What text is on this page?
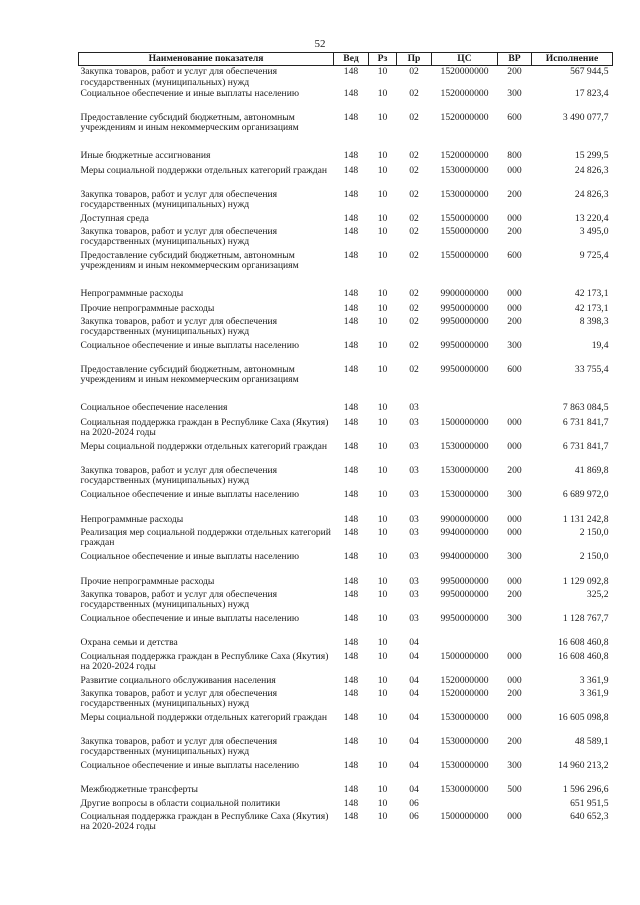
52
Наименование показателя	Вед	Рз	Пр	ЦС	ВР	Исполнение
Закупка товаров, работ и услуг для обеспечения государственных (муниципальных) нужд	148	10	02	1520000000	200	567 944,5
Социальное обеспечение и иные выплаты населению	148	10	02	1520000000	300	17 823,4
Предоставление субсидий бюджетным, автономным учреждениям и иным некоммерческим организациям	148	10	02	1520000000	600	3 490 077,7
Иные бюджетные ассигнования	148	10	02	1520000000	800	15 299,5
Меры социальной поддержки отдельных категорий граждан	148	10	02	1530000000	000	24 826,3
Закупка товаров, работ и услуг для обеспечения государственных (муниципальных) нужд	148	10	02	1530000000	200	24 826,3
Доступная среда	148	10	02	1550000000	000	13 220,4
Закупка товаров, работ и услуг для обеспечения государственных (муниципальных) нужд	148	10	02	1550000000	200	3 495,0
Предоставление субсидий бюджетным, автономным учреждениям и иным некоммерческим организациям	148	10	02	1550000000	600	9 725,4
Непрограммные расходы	148	10	02	9900000000	000	42 173,1
Прочие непрограммные расходы	148	10	02	9950000000	000	42 173,1
Закупка товаров, работ и услуг для обеспечения государственных (муниципальных) нужд	148	10	02	9950000000	200	8 398,3
Социальное обеспечение и иные выплаты населению	148	10	02	9950000000	300	19,4
Предоставление субсидий бюджетным, автономным учреждениям и иным некоммерческим организациям	148	10	02	9950000000	600	33 755,4
Социальное обеспечение населения	148	10	03			7 863 084,5
Социальная поддержка граждан в Республике Саха (Якутия) на 2020-2024 годы	148	10	03	1500000000	000	6 731 841,7
Меры социальной поддержки отдельных категорий граждан	148	10	03	1530000000	000	6 731 841,7
Закупка товаров, работ и услуг для обеспечения государственных (муниципальных) нужд	148	10	03	1530000000	200	41 869,8
Социальное обеспечение и иные выплаты населению	148	10	03	1530000000	300	6 689 972,0
Непрограммные расходы	148	10	03	9900000000	000	1 131 242,8
Реализация мер социальной поддержки отдельных категорий граждан	148	10	03	9940000000	000	2 150,0
Социальное обеспечение и иные выплаты населению	148	10	03	9940000000	300	2 150,0
Прочие непрограммные расходы	148	10	03	9950000000	000	1 129 092,8
Закупка товаров, работ и услуг для обеспечения государственных (муниципальных) нужд	148	10	03	9950000000	200	325,2
Социальное обеспечение и иные выплаты населению	148	10	03	9950000000	300	1 128 767,7
Охрана семьи и детства	148	10	04			16 608 460,8
Социальная поддержка граждан в Республике Саха (Якутия) на 2020-2024 годы	148	10	04	1500000000	000	16 608 460,8
Развитие социального обслуживания населения	148	10	04	1520000000	000	3 361,9
Закупка товаров, работ и услуг для обеспечения государственных (муниципальных) нужд	148	10	04	1520000000	200	3 361,9
Меры социальной поддержки отдельных категорий граждан	148	10	04	1530000000	000	16 605 098,8
Закупка товаров, работ и услуг для обеспечения государственных (муниципальных) нужд	148	10	04	1530000000	200	48 589,1
Социальное обеспечение и иные выплаты населению	148	10	04	1530000000	300	14 960 213,2
Межбюджетные трансферты	148	10	04	1530000000	500	1 596 296,6
Другие вопросы в области социальной политики	148	10	06			651 951,5
Социальная поддержка граждан в Республике Саха (Якутия) на 2020-2024 годы	148	10	06	1500000000	000	640 652,3
